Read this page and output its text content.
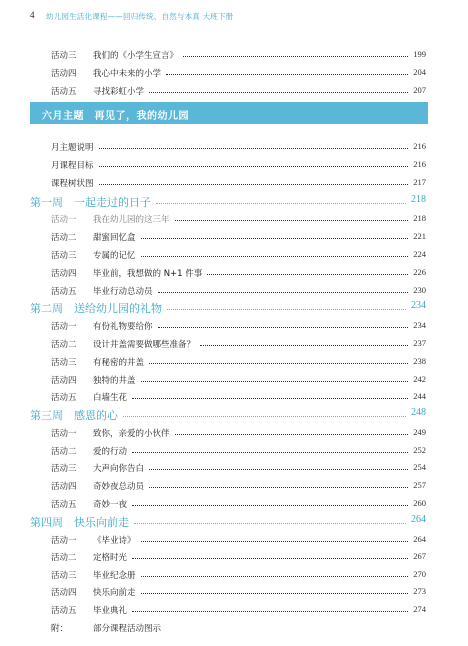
4 幼儿园生活化课程——回归传统、自然与本真 大班下册
活动三 我们的《小学生宣言》	199
活动四 我心中未来的小学	204
活动五 寻找彩虹小学	207
六月主题　再见了，我的幼儿园
月主题说明	216
月课程目标	216
课程树状图	217
第一周　一起走过的日子	218
活动一 我在幼儿园的这三年	218
活动二 甜蜜回忆盒	221
活动三 专属的记忆	224
活动四 毕业前，我想做的 N+1 件事	226
活动五 毕业行动总动员	230
第二周　送给幼儿园的礼物	234
活动一 有份礼物要给你	234
活动二 设计井盖需要做哪些准备？	237
活动三 有秘密的井盖	238
活动四 独特的井盖	242
活动五 白墙生花	244
第三周　感恩的心	248
活动一 致你，亲爱的小伙伴	249
活动二 爱的行动	252
活动三 大声向你告白	254
活动四 奇妙夜总动员	257
活动五 奇妙一夜	260
第四周　快乐向前走	264
活动一 《毕业诗》	264
活动二 定格时光	267
活动三 毕业纪念册	270
活动四 快乐向前走	273
活动五 毕业典礼	274
附：	部分课程活动图示
